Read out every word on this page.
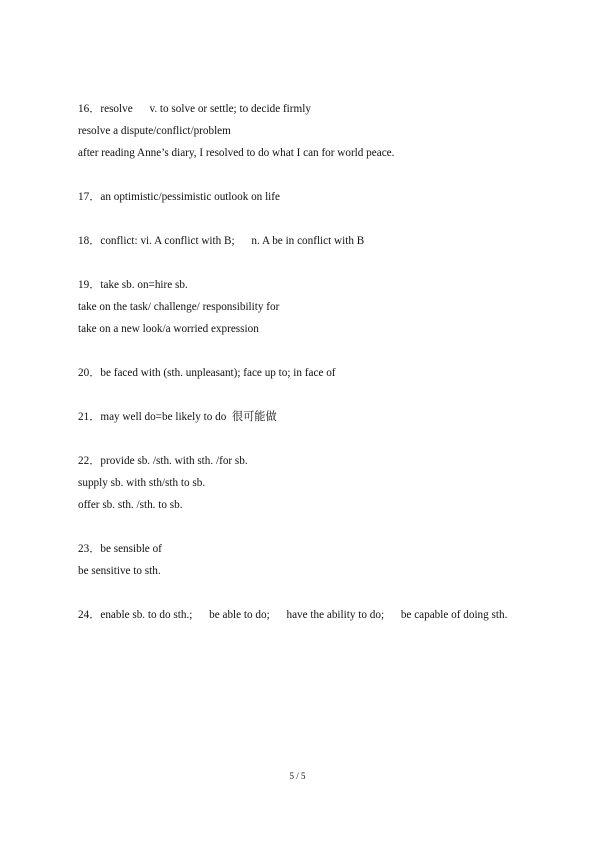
16．resolve      v. to solve or settle; to decide firmly
resolve a dispute/conflict/problem
after reading Anne’s diary, I resolved to do what I can for world peace.
17．an optimistic/pessimistic outlook on life
18．conflict: vi. A conflict with B;      n. A be in conflict with B
19．take sb. on=hire sb.
take on the task/ challenge/ responsibility for
take on a new look/a worried expression
20．be faced with (sth. unpleasant); face up to; in face of
21．may well do=be likely to do  很可能做
22．provide sb. /sth. with sth. /for sb.
supply sb. with sth/sth to sb.
offer sb. sth. /sth. to sb.
23．be sensible of
be sensitive to sth.
24．enable sb. to do sth.;      be able to do;      have the ability to do;      be capable of doing sth.
5 / 5
